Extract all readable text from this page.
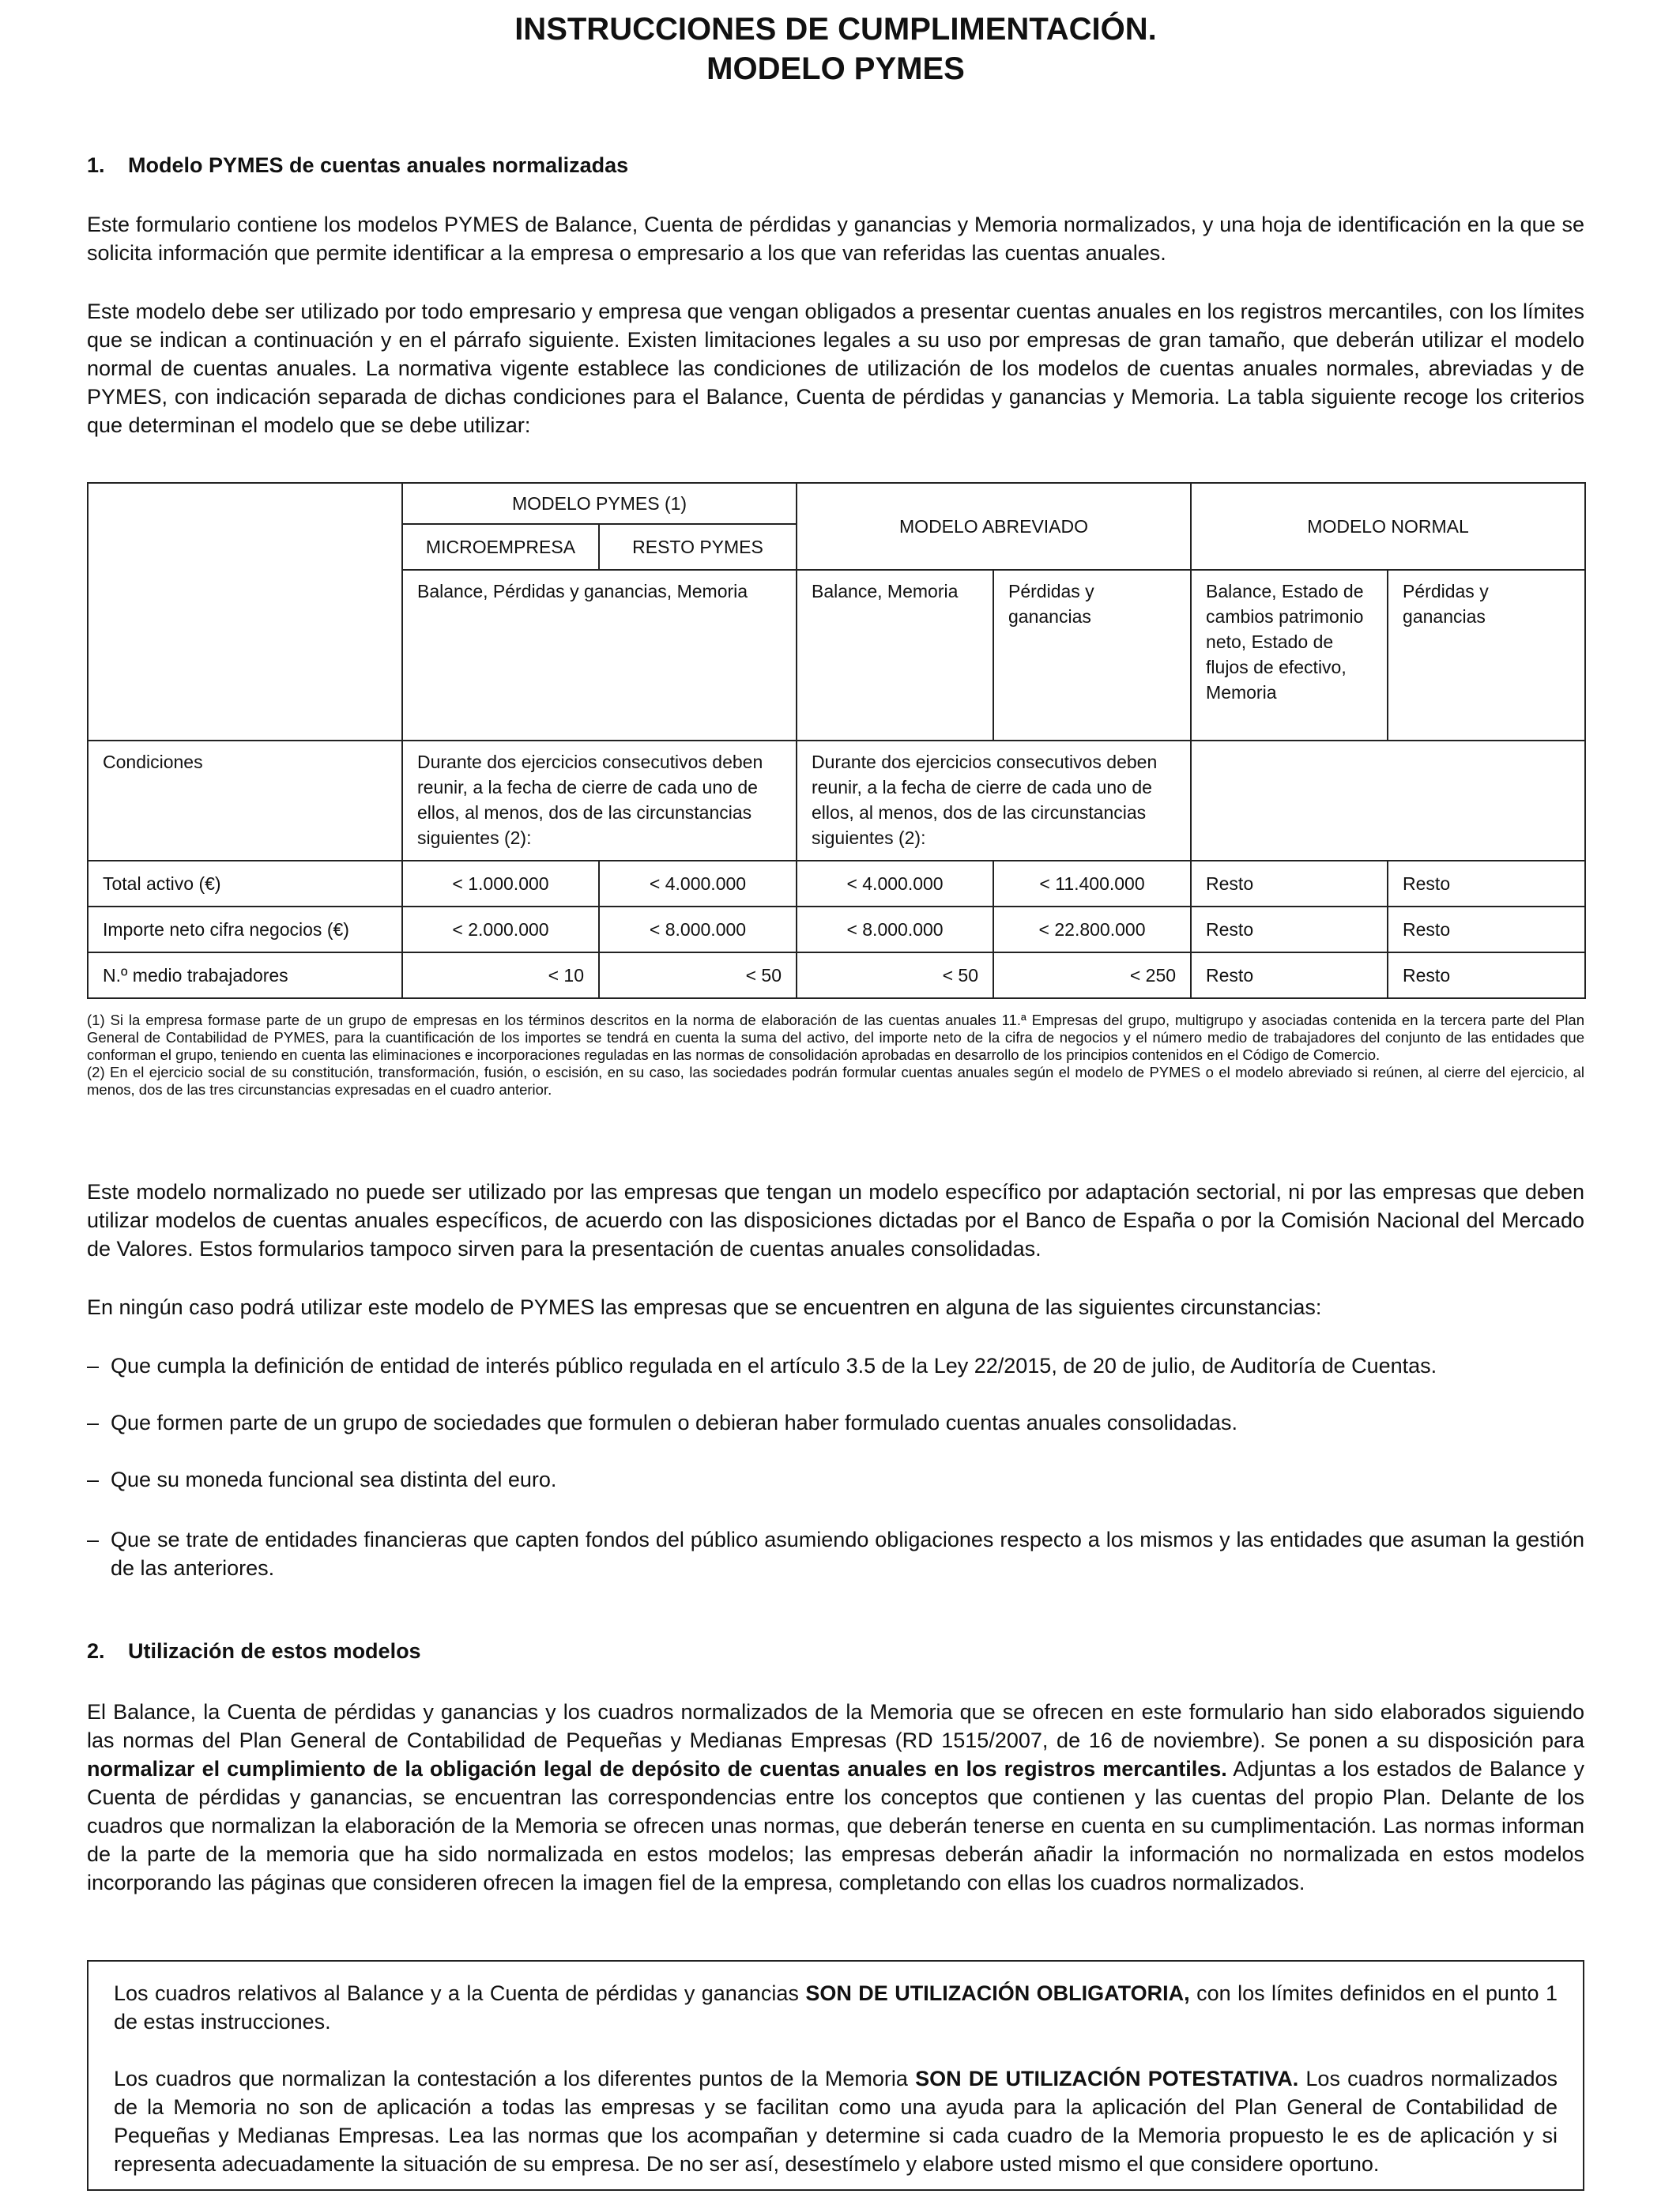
INSTRUCCIONES DE CUMPLIMENTACIÓN.
MODELO PYMES
1. Modelo PYMES de cuentas anuales normalizadas
Este formulario contiene los modelos PYMES de Balance, Cuenta de pérdidas y ganancias y Memoria normalizados, y una hoja de identificación en la que se solicita información que permite identificar a la empresa o empresario a los que van referidas las cuentas anuales.
Este modelo debe ser utilizado por todo empresario y empresa que vengan obligados a presentar cuentas anuales en los registros mercantiles, con los límites que se indican a continuación y en el párrafo siguiente. Existen limitaciones legales a su uso por empresas de gran tamaño, que deberán utilizar el modelo normal de cuentas anuales. La normativa vigente establece las condiciones de utilización de los modelos de cuentas anuales normales, abreviadas y de PYMES, con indicación separada de dichas condiciones para el Balance, Cuenta de pérdidas y ganancias y Memoria. La tabla siguiente recoge los criterios que determinan el modelo que se debe utilizar:
	MODELO PYMES (1)		MODELO ABREVIADO		MODELO NORMAL	
	MICROEMPRESA	RESTO PYMES				
	Balance, Pérdidas y ganancias, Memoria		Balance, Memoria	Pérdidas y ganancias	Balance, Estado de cambios patrimonio neto, Estado de flujos de efectivo, Memoria	Pérdidas y ganancias
Condiciones	Durante dos ejercicios consecutivos deben reunir, a la fecha de cierre de cada uno de ellos, al menos, dos de las circunstancias siguientes (2):		Durante dos ejercicios consecutivos deben reunir, a la fecha de cierre de cada uno de ellos, al menos, dos de las circunstancias siguientes (2):			
Total activo (€)	< 1.000.000	< 4.000.000	< 4.000.000	< 11.400.000	Resto	Resto
Importe neto cifra negocios (€)	< 2.000.000	< 8.000.000	< 8.000.000	< 22.800.000	Resto	Resto
N.º medio trabajadores	< 10	< 50	< 50	< 250	Resto	Resto

(1) Si la empresa formase parte de un grupo de empresas en los términos descritos en la norma de elaboración de las cuentas anuales 11.ª Empresas del grupo, multigrupo y asociadas contenida en la tercera parte del Plan General de Contabilidad de PYMES, para la cuantificación de los importes se tendrá en cuenta la suma del activo, del importe neto de la cifra de negocios y el número medio de trabajadores del conjunto de las entidades que conforman el grupo, teniendo en cuenta las eliminaciones e incorporaciones reguladas en las normas de consolidación aprobadas en desarrollo de los principios contenidos en el Código de Comercio.

(2) En el ejercicio social de su constitución, transformación, fusión, o escisión, en su caso, las sociedades podrán formular cuentas anuales según el modelo de PYMES o el modelo abreviado si reúnen, al cierre del ejercicio, al menos, dos de las tres circunstancias expresadas en el cuadro anterior.

Este modelo normalizado no puede ser utilizado por las empresas que tengan un modelo específico por adaptación sectorial, ni por las empresas que deben utilizar modelos de cuentas anuales específicos, de acuerdo con las disposiciones dictadas por el Banco de España o por la Comisión Nacional del Mercado de Valores. Estos formularios tampoco sirven para la presentación de cuentas anuales consolidadas.
En ningún caso podrá utilizar este modelo de PYMES las empresas que se encuentren en alguna de las siguientes circunstancias:
– Que cumpla la definición de entidad de interés público regulada en el artículo 3.5 de la Ley 22/2015, de 20 de julio, de Auditoría de Cuentas.
– Que formen parte de un grupo de sociedades que formulen o debieran haber formulado cuentas anuales consolidadas.
– Que su moneda funcional sea distinta del euro.
– Que se trate de entidades financieras que capten fondos del público asumiendo obligaciones respecto a los mismos y las entidades que asuman la gestión de las anteriores.
2. Utilización de estos modelos
El Balance, la Cuenta de pérdidas y ganancias y los cuadros normalizados de la Memoria que se ofrecen en este formulario han sido elaborados siguiendo las normas del Plan General de Contabilidad de Pequeñas y Medianas Empresas (RD 1515/2007, de 16 de noviembre). Se ponen a su disposición para normalizar el cumplimiento de la obligación legal de depósito de cuentas anuales en los registros mercantiles. Adjuntas a los estados de Balance y Cuenta de pérdidas y ganancias, se encuentran las correspondencias entre los conceptos que contienen y las cuentas del propio Plan. Delante de los cuadros que normalizan la elaboración de la Memoria se ofrecen unas normas, que deberán tenerse en cuenta en su cumplimentación. Las normas informan de la parte de la memoria que ha sido normalizada en estos modelos; las empresas deberán añadir la información no normalizada en estos modelos incorporando las páginas que consideren ofrecen la imagen fiel de la empresa, completando con ellas los cuadros normalizados.

Los cuadros relativos al Balance y a la Cuenta de pérdidas y ganancias SON DE UTILIZACIÓN OBLIGATORIA, con los límites definidos en el punto 1 de estas instrucciones.

Los cuadros que normalizan la contestación a los diferentes puntos de la Memoria SON DE UTILIZACIÓN POTESTATIVA. Los cuadros normalizados de la Memoria no son de aplicación a todas las empresas y se facilitan como una ayuda para la aplicación del Plan General de Contabilidad de Pequeñas y Medianas Empresas. Lea las normas que los acompañan y determine si cada cuadro de la Memoria propuesto le es de aplicación y si representa adecuadamente la situación de su empresa. De no ser así, desestímelo y elabore usted mismo el que considere oportuno.
